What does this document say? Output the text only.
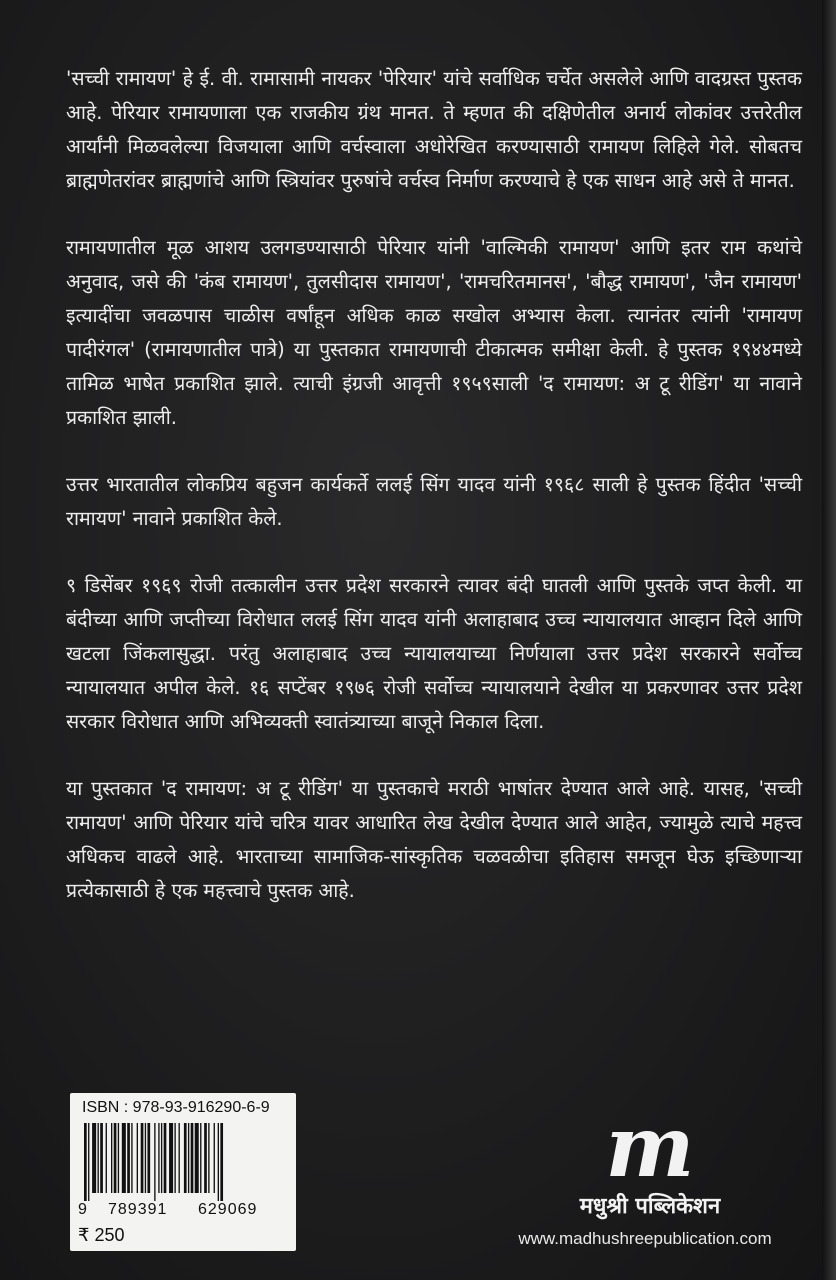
'सच्ची रामायण' हे ई. वी. रामासामी नायकर 'पेरियार' यांचे सर्वाधिक चर्चेत असलेले आणि वादग्रस्त पुस्तक आहे. पेरियार रामायणाला एक राजकीय ग्रंथ मानत. ते म्हणत की दक्षिणेतील अनार्य लोकांवर उत्तरेतील आर्यांनी मिळवलेल्या विजयाला आणि वर्चस्वाला अधोरेखित करण्यासाठी रामायण लिहिले गेले. सोबतच ब्राह्मणेतरांवर ब्राह्मणांचे आणि स्त्रियांवर पुरुषांचे वर्चस्व निर्माण करण्याचे हे एक साधन आहे असे ते मानत.

रामायणातील मूळ आशय उलगडण्यासाठी पेरियार यांनी 'वाल्मिकी रामायण' आणि इतर राम कथांचे अनुवाद, जसे की 'कंब रामायण', तुलसीदास रामायण', 'रामचरितमानस', 'बौद्ध रामायण', 'जैन रामायण' इत्यादींचा जवळपास चाळीस वर्षांहून अधिक काळ सखोल अभ्यास केला. त्यानंतर त्यांनी 'रामायण पादीरंगल' (रामायणातील पात्रे) या पुस्तकात रामायणाची टीकात्मक समीक्षा केली. हे पुस्तक १९४४मध्ये तामिळ भाषेत प्रकाशित झाले. त्याची इंग्रजी आवृत्ती १९५९साली 'द रामायण: अ टू रीडिंग' या नावाने प्रकाशित झाली.

उत्तर भारतातील लोकप्रिय बहुजन कार्यकर्ते ललई सिंग यादव यांनी १९६८ साली हे पुस्तक हिंदीत 'सच्ची रामायण' नावाने प्रकाशित केले.

९ डिसेंबर १९६९ रोजी तत्कालीन उत्तर प्रदेश सरकारने त्यावर बंदी घातली आणि पुस्तके जप्त केली. या बंदीच्या आणि जप्तीच्या विरोधात ललई सिंग यादव यांनी अलाहाबाद उच्च न्यायालयात आव्हान दिले आणि खटला जिंकलासुद्धा. परंतु अलाहाबाद उच्च न्यायालयाच्या निर्णयाला उत्तर प्रदेश सरकारने सर्वोच्च न्यायालयात अपील केले. १६ सप्टेंबर १९७६ रोजी सर्वोच्च न्यायालयाने देखील या प्रकरणावर उत्तर प्रदेश सरकार विरोधात आणि अभिव्यक्ती स्वातंत्र्याच्या बाजूने निकाल दिला.

या पुस्तकात 'द रामायण: अ टू रीडिंग' या पुस्तकाचे मराठी भाषांतर देण्यात आले आहे. यासह, 'सच्ची रामायण' आणि पेरियार यांचे चरित्र यावर आधारित लेख देखील देण्यात आले आहेत, ज्यामुळे त्याचे महत्त्व अधिकच वाढले आहे. भारताच्या सामाजिक-सांस्कृतिक चळवळीचा इतिहास समजून घेऊ इच्छिणाऱ्या प्रत्येकासाठी हे एक महत्त्वाचे पुस्तक आहे.

ISBN : 978-93-916290-6-9
9 789391 629069
₹ 250
m
मधुश्री पब्लिकेशन
www.madhushreepublication.com
